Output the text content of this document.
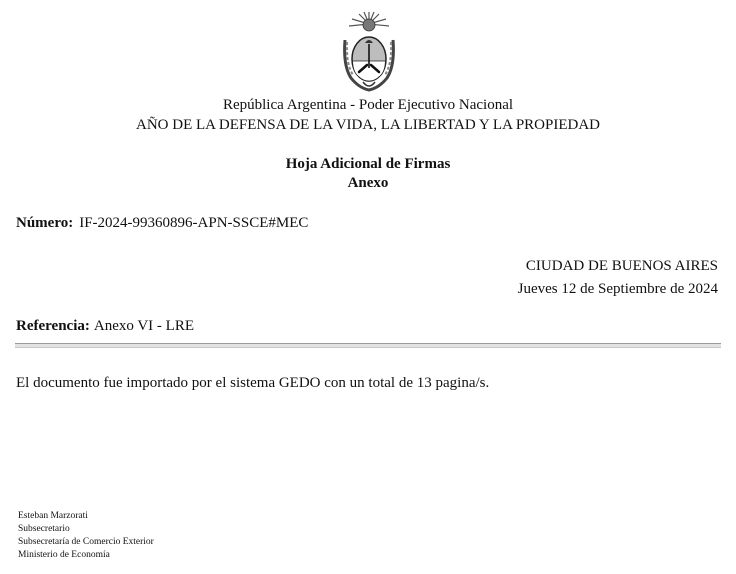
República Argentina - Poder Ejecutivo Nacional
AÑO DE LA DEFENSA DE LA VIDA, LA LIBERTAD Y LA PROPIEDAD
Hoja Adicional de Firmas
Anexo
Número: IF-2024-99360896-APN-SSCE#MEC
CIUDAD DE BUENOS AIRES
Jueves 12 de Septiembre de 2024
Referencia: Anexo VI - LRE
El documento fue importado por el sistema GEDO con un total de 13 pagina/s.
Esteban Marzorati
Subsecretario
Subsecretaría de Comercio Exterior
Ministerio de Economía
